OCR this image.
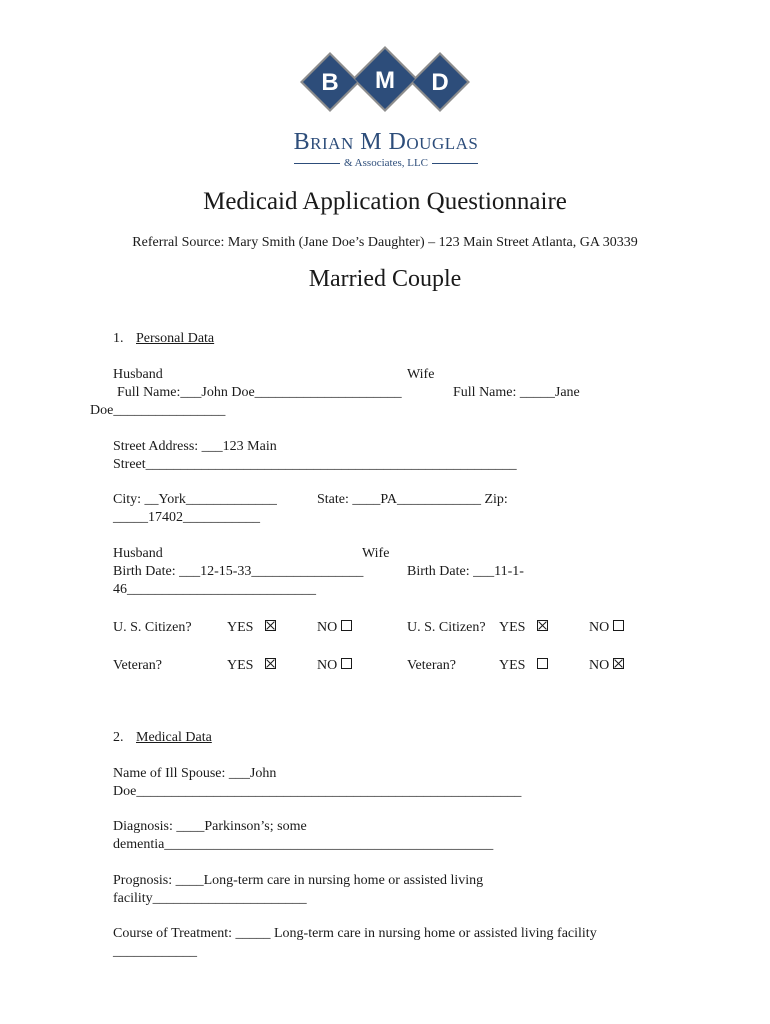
B M D
Brian M Douglas
& Associates, LLC
Medicaid Application Questionnaire
Referral Source: Mary Smith (Jane Doe’s Daughter) – 123 Main Street Atlanta, GA 30339
Married Couple
1. Personal Data
Husband	Wife
Full Name:___John Doe_____________________	Full Name: _____Jane
Doe________________
Street Address: ___123 Main
Street_____________________________________________________
City: __York_____________	State: ____PA____________ Zip:
_____17402___________
Husband	Wife
Birth Date: ___12-15-33________________	Birth Date: ___11-1-
46___________________________
U. S. Citizen?	YES	NO	U. S. Citizen? YES	NO
Veteran?	YES	NO	Veteran?	YES	NO
2. Medical Data
Name of Ill Spouse: ___John
Doe_______________________________________________________
Diagnosis: ____Parkinson’s; some
dementia_______________________________________________
Prognosis: ____Long-term care in nursing home or assisted living
facility______________________
Course of Treatment: _____ Long-term care in nursing home or assisted living facility
____________
